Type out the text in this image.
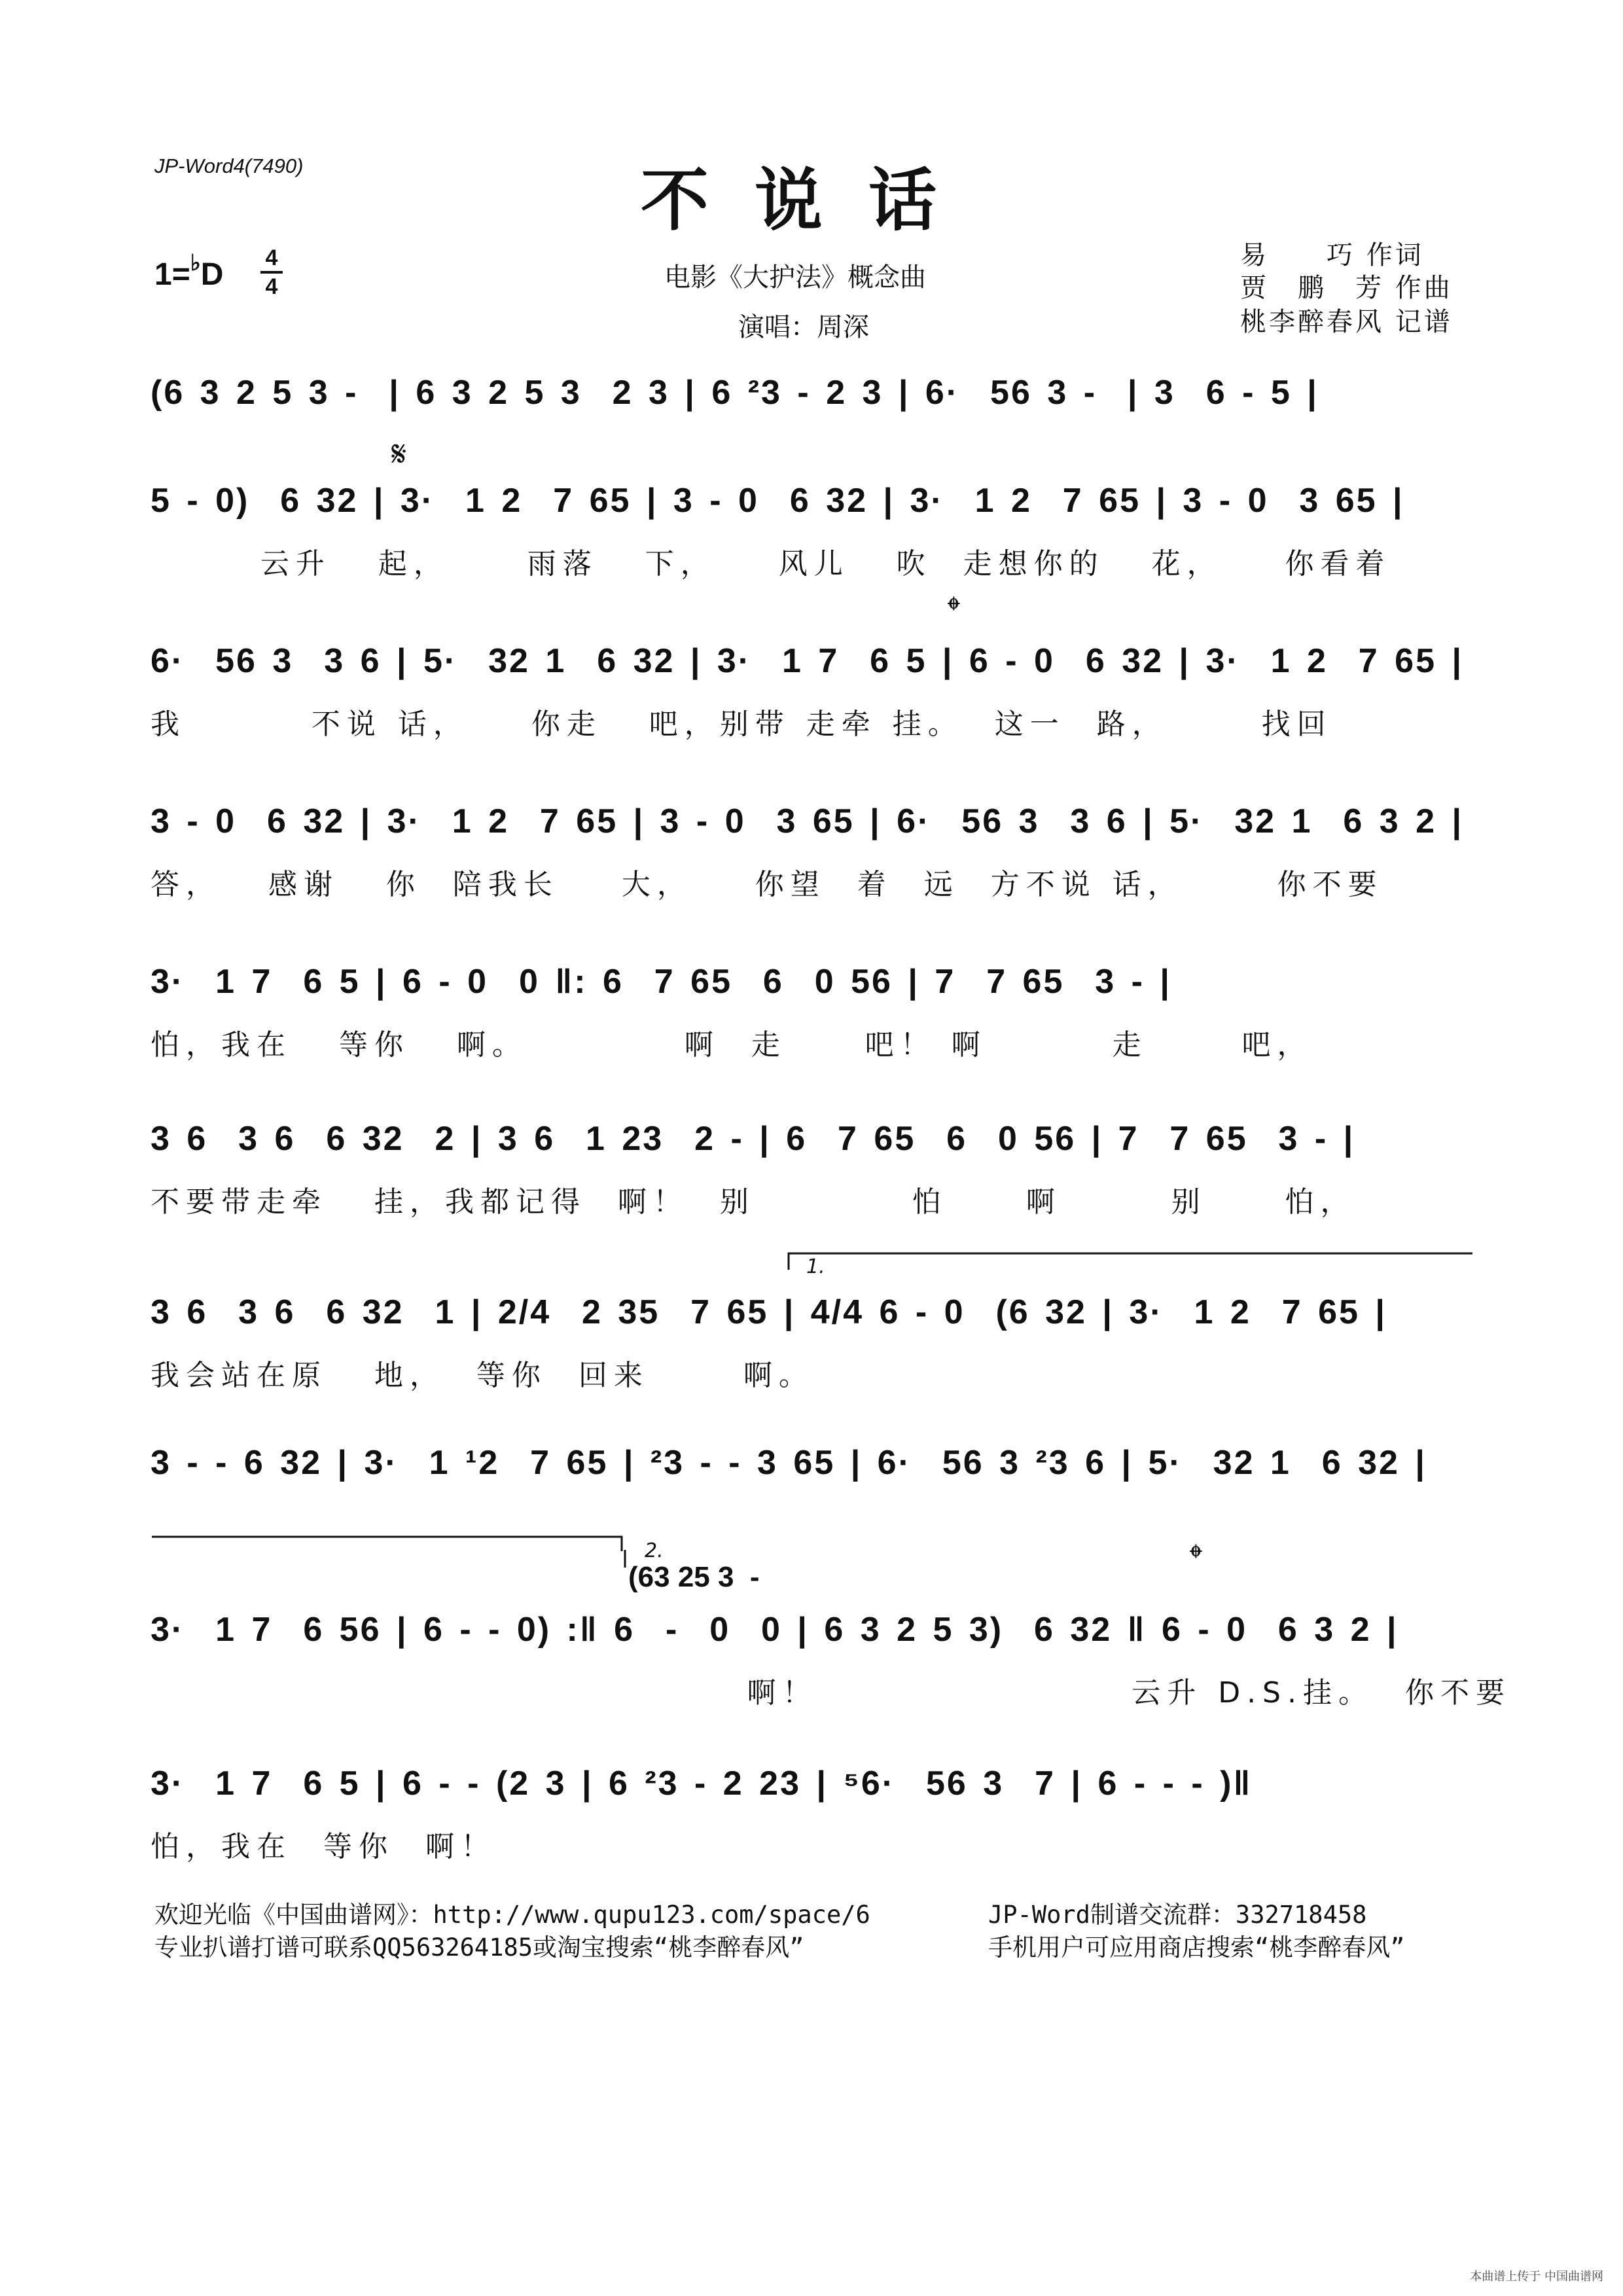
JP-Word4(7490)	不说话
1=♭D 4
4	电影《大护法》概念曲
演唱：周深
易　　巧 作词
贾　鹏　芳 作曲
桃李醉春风 记谱
(6 3 2 5 3 -  | 6 3 2 5 3  2 3 | 6 ²3 - 2 3 | 6·  56 3 -  | 3  6 - 5 |
5 - 0)  6 32 | 3·  1 2  7 65 | 3 - 0  6 32 | 3·  1 2  7 65 | 3 - 0  3 65 |
云升   起，     雨落   下，    风儿   吹  走想你的   花，    你看着
6·  56 3  3 6 | 5·  32 1  6 32 | 3·  1 7  6 5 | 6 - 0  6 32 | 3·  1 2  7 65 |
我        不说 话，    你走   吧，别带 走牵 挂。  这一  路，      找回
3 - 0  6 32 | 3·  1 2  7 65 | 3 - 0  3 65 | 6·  56 3  3 6 | 5·  32 1  6 3 2 |
答，   感谢   你  陪我长    大，    你望  着  远  方不说 话，      你不要
3·  1 7  6 5 | 6 - 0  0 ‖: 6  7 65  6  0 56 | 7  7 65  3 - |
怕，我在   等你   啊。          啊  走     吧！ 啊        走      吧，
3 6  3 6  6 32  2 | 3 6  1 23  2 - | 6  7 65  6  0 56 | 7  7 65  3 - |
不要带走牵   挂，我都记得  啊！  别          怕     啊       别     怕，
3 6  3 6  6 32  1 | 2/4  2 35  7 65 | 4/4 6 - 0  (6 32 | 3·  1 2  7 65 |
我会站在原   地，  等你  回来      啊。
3 - - 6 32 | 3·  1 ¹2  7 65 | ²3 - - 3 65 | 6·  56 3 ²3 6 | 5·  32 1  6 32 |
3·  1 7  6 56 | 6 - - 0) :‖ 6  -  0  0 | 6 3 2 5 3)  6 32 ‖ 6 - 0  6 3 2 |
啊！                    云升 D.S.挂。  你不要
3·  1 7  6 5 | 6 - - (2 3 | 6 ²3 - 2 23 | ⁵6·  56 3  7 | 6 - - - )‖
怕，我在  等你  啊！
𝄋
𝄌
𝄌
1.
2.
(63 25 3  -
欢迎光临《中国曲谱网》：http://www.qupu123.com/space/6
专业扒谱打谱可联系QQ563264185或淘宝搜索“桃李醉春风”
JP-Word制谱交流群：332718458
手机用户可应用商店搜索“桃李醉春风”
本曲谱上传于 中国曲谱网
